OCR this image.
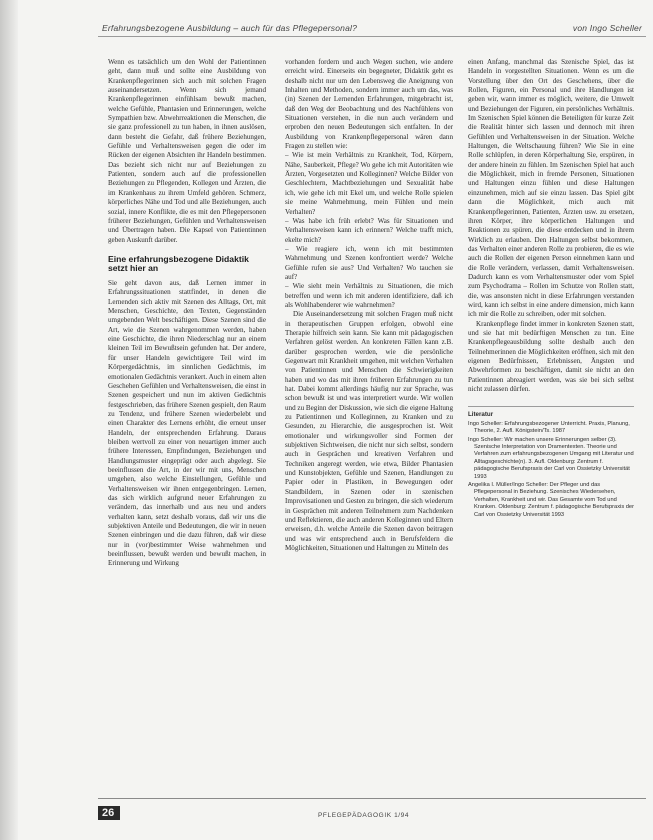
Erfahrungsbezogene Ausbildung – auch für das Pflegepersonal?	von Ingo Scheller

Wenn es tatsächlich um den Wohl der Patientinnen geht, dann muß und sollte eine Ausbildung von Krankenpflegerinnen sich auch mit solchen Fragen auseinandersetzen. Wenn sich jemand Krankenpflegerinnen einfühlsam bewußt machen, welche Gefühle, Phantasien und Erinnerungen, welche Sympathien bzw. Abwehrreaktionen die Menschen, die sie ganz professionell zu tun haben, in ihnen auslösen, dann besteht die Gefahr, daß frühere Beziehungen, Gefühle und Verhaltensweisen gegen die oder im Rücken der eigenen Absichten ihr Handeln bestimmen. Das bezieht sich nicht nur auf Beziehungen zu Patienten, sondern auch auf die professionellen Beziehungen zu Pflegenden, Kollegen und Ärzten, die im Krankenhaus zu ihrem Umfeld gehören. Schmerz, körperliches Nähe und Tod und alle Beziehungen, auch sozial, innere Konflikte, die es mit den Pflegepersonen früherer Beziehungen, Gefühlen und Verhaltensweisen und Übertragen haben. Die Kapsel von Patientinnen geben Auskunft darüber.

Eine erfahrungsbezogene Didaktik setzt hier an

Sie geht davon aus, daß Lernen immer in Erfahrungssituationen stattfindet, in denen die Lernenden sich aktiv mit Szenen des Alltags, Ort, mit Menschen, Geschichte, den Texten, Gegenständen umgebenden Welt beschäftigen. Diese Szenen sind die Art, wie die Szenen wahrgenommen werden, haben eine Geschichte, die ihren Niederschlag nur an einem kleinen Teil im Bewußtsein gefunden hat. Der andere, für unser Handeln gewichtigere Teil wird im Körpergedächtnis, im sinnlichen Gedächtnis, im emotionalen Gedächtnis verankert. Auch in einem alten Geschehen Gefühlen und Verhaltensweisen, die einst in Szenen gespeichert und nun im aktiven Gedächtnis festgeschrieben, das frühere Szenen gespielt, den Raum zu Tendenz, und frühere Szenen wiederbelebt und einen Charakter des Lernens erhöht, die erneut unser Handeln, der entsprechenden Erfahrung. Daraus bleiben wertvoll zu einer von neuartigen immer auch frühere Interessen, Empfindungen, Beziehungen und Handlungsmuster eingeprägt oder auch abgelegt. Sie beeinflussen die Art, in der wir mit uns, Menschen umgehen, also welche Einstellungen, Gefühle und Verhaltensweisen wir ihnen entgegenbringen. Lernen, das sich wirklich aufgrund neuer Erfahrungen zu verändern, das innerhalb und aus neu und anders verhalten kann, setzt deshalb voraus, daß wir uns die subjektiven Anteile und Bedeutungen, die wir in neuen Szenen einbringen und die dazu führen, daß wir diese nur in (vor)bestimmter Weise wahrnehmen und beeinflussen, bewußt werden und bewußt machen, in Erinnerung und Wirkung

vorhanden fordern und auch Wegen suchen, wie andere erreicht wird. Einerseits ein begegneter, Didaktik geht es deshalb nicht nur um den Lebensweg die Aneignung von Inhalten und Methoden, sondern immer auch um das, was (in) Szenen der Lernenden Erfahrungen, mitgebracht ist, daß den Weg der Beobachtung und des Nachfühlens von Situationen verstehen, in die nun auch verändern und erproben den neuen Bedeutungen sich entfalten. In der Ausbildung von Krankenpflegepersonal wären dann Fragen zu stellen wie:

– Wie ist mein Verhältnis zu Krankheit, Tod, Körpern, Nähe, Sauberkeit, Pflege? Wo gehe ich mit Autoritäten wie Ärzten, Vorgesetzten und Kolleginnen? Welche Bilder von Geschlechtern, Machtbeziehungen und Sexualität habe ich, wie gehe ich mit Ekel um, und welche Rolle spielen sie meine Wahrnehmung, mein Fühlen und mein Verhalten?

– Was habe ich früh erlebt? Was für Situationen und Verhaltensweisen kann ich erinnern? Welche trafft mich, ekelte mich?

– Wie reagiere ich, wenn ich mit bestimmten Wahrnehmung und Szenen konfrontiert werde? Welche Gefühle rufen sie aus? Und Verhalten? Wo tauchen sie auf?

– Wie sieht mein Verhältnis zu Situationen, die mich betreffen und wenn ich mit anderen identifiziere, daß ich als Wohlhabenderer wie wahrnehmen?

Die Auseinandersetzung mit solchen Fragen muß nicht in therapeutischen Gruppen erfolgen, obwohl eine Therapie hilfreich sein kann. Sie kann mit pädagogischen Verfahren gelöst werden. An konkreten Fällen kann z.B. darüber gesprochen werden, wie die persönliche Gegenwart mit Krankheit umgehen, mit welchen Verhalten von Patientinnen und Menschen die Schwierigkeiten haben und wo das mit ihren früheren Erfahrungen zu tun hat. Dabei kommt allerdings häufig nur zur Sprache, was schon bewußt ist und was interpretiert wurde. Wir wollen und zu Beginn der Diskussion, wie sich die eigene Haltung zu Patientinnen und Kolleginnen, zu Kranken und zu Gesunden, zu Hierarchie, die ausgesprochen ist. Weit emotionaler und wirkungsvoller sind Formen der subjektiven Sichtweisen, die nicht nur sich selbst, sondern auch in Gesprächen und kreativen Verfahren und Techniken angeregt werden, wie etwa, Bilder Phantasien und Kunstobjekten, Gefühle und Szenen, Handlungen zu Papier oder in Plastiken, in Bewegungen oder Standbildern, in Szenen oder in szenischen Improvisationen und Gesten zu bringen, die sich wiederum in Gesprächen mit anderen Teilnehmern zum Nachdenken und Reflektieren, die auch anderen Kolleginnen und Eltern erweisen, d.h. welche Anteile die Szenen davon beitragen und was wir entsprechend auch in Berufsfeldern die Möglichkeiten, Situationen und Haltungen zu Mitteln des

einen Anfang, manchmal das Szenische Spiel, das ist Handeln in vorgestellten Situationen. Wenn es um die Vorstellung über den Ort des Geschehens, über die Rollen, Figuren, ein Personal und ihre Handlungen ist geben wir, wann immer es möglich, weitere, die Umwelt und Beziehungen der Figuren, ein persönliches Verhältnis. Im Szenischen Spiel können die Beteiligten für kurze Zeit die Realität hinter sich lassen und dennoch mit ihren Gefühlen und Verhaltensweisen in der Situation. Welche Haltungen, die Weltschauung führen? Wie Sie in eine Rolle schlüpfen, in deren Körperhaltung Sie, erspüren, in der andere hinein zu fühlen. Im Szenischen Spiel hat auch die Möglichkeit, mich in fremde Personen, Situationen und Haltungen einzu fühlen und diese Haltungen einzunehmen, mich auf sie einzu lassen. Das Spiel gibt dann die Möglichkeit, mich auch mit Krankenpflegerinnen, Patienten, Ärzten usw. zu ersetzen, ihren Körper, ihre körperlichen Haltungen und Reaktionen zu spüren, die diese entdecken und in ihrem Wirklich zu erlauben. Den Haltungen selbst bekommen, das Verhalten einer anderen Rolle zu probieren, die es wie auch die Rollen der eigenen Person einnehmen kann und die Rolle verändern, verlassen, damit Verhaltensweisen. Dadurch kann es vom Verhaltensmuster oder vom Spiel zum Psychodrama – Rollen im Schutze von Rollen statt, die, was ansonsten nicht in diese Erfahrungen verstanden wird, kann ich selbst in eine andere dimension, mich kann ich mir die Rolle zu schreiben, oder mit solchen.

Krankenpflege findet immer in konkreten Szenen statt, und sie hat mit bedürftigen Menschen zu tun. Eine Krankenpflegeausbildung sollte deshalb auch den Teilnehmerinnen die Möglichkeiten eröffnen, sich mit den eigenen Bedürfnissen, Erlebnissen, Ängsten und Abwehrformen zu beschäftigen, damit sie nicht an den Patientinnen abreagiert werden, was sie bei sich selbst nicht zulassen dürfen.

Literatur

Ingo Scheller: Erfahrungsbezogener Unterricht. Praxis, Planung, Theorie, 2. Aufl. Königstein/Ts. 1987

Ingo Scheller: Wir machen unsere Erinnerungen selber (3). Szenische Interpretation von Dramentexten. Theorie und Verfahren zum erfahrungsbezogenen Umgang mit Literatur und Alltagsgeschichte(n). 3. Aufl. Oldenburg: Zentrum f. pädagogische Berufspraxis der Carl von Ossietzky Universität 1993

Angelika I. Müller/Ingo Scheller: Der Pfleger und das Pflegepersonal in Beziehung. Szenisches Wiedersehen, Verhalten, Krankheit und wir. Das Gesamte vom Tod und Kranken. Oldenburg: Zentrum f. pädagogische Berufspraxis der Carl von Ossietzky Universität 1993

26	PFLEGEPÄDAGOGIK 1/94
